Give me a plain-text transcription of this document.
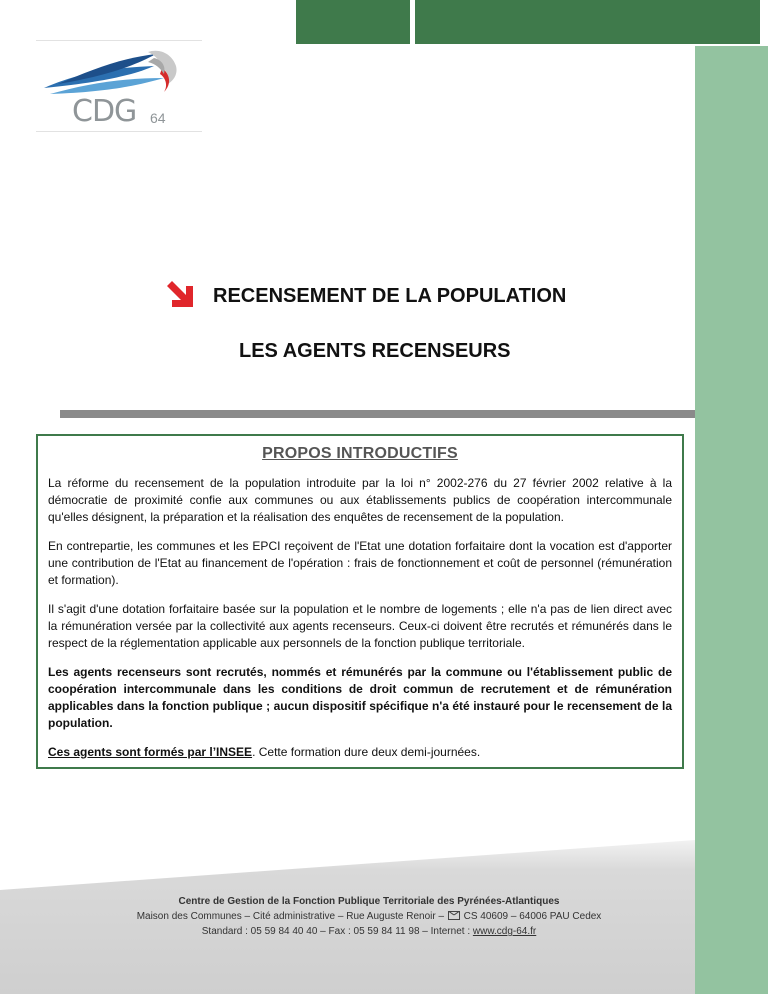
CDG 64
RECENSEMENT DE LA POPULATION
LES AGENTS RECENSEURS
PROPOS INTRODUCTIFS

La réforme du recensement de la population introduite par la loi n° 2002-276 du 27 février 2002 relative à la démocratie de proximité confie aux communes ou aux établissements publics de coopération intercommunale qu'elles désignent, la préparation et la réalisation des enquêtes de recensement de la population.

En contrepartie, les communes et les EPCI reçoivent de l'Etat une dotation forfaitaire dont la vocation est d'apporter une contribution de l'Etat au financement de l'opération : frais de fonctionnement et coût de personnel (rémunération et formation).

Il s'agit d'une dotation forfaitaire basée sur la population et le nombre de logements ; elle n'a pas de lien direct avec la rémunération versée par la collectivité aux agents recenseurs. Ceux-ci doivent être recrutés et rémunérés dans le respect de la réglementation applicable aux personnels de la fonction publique territoriale.

Les agents recenseurs sont recrutés, nommés et rémunérés par la commune ou l'établissement public de coopération intercommunale dans les conditions de droit commun de recrutement et de rémunération applicables dans la fonction publique ; aucun dispositif spécifique n'a été instauré pour le recensement de la population.

Ces agents sont formés par l’INSEE. Cette formation dure deux demi-journées.

Centre de Gestion de la Fonction Publique Territoriale des Pyrénées-Atlantiques
Maison des Communes – Cité administrative – Rue Auguste Renoir – CS 40609 – 64006 PAU Cedex
Standard : 05 59 84 40 40 – Fax : 05 59 84 11 98 – Internet : www.cdg-64.fr
